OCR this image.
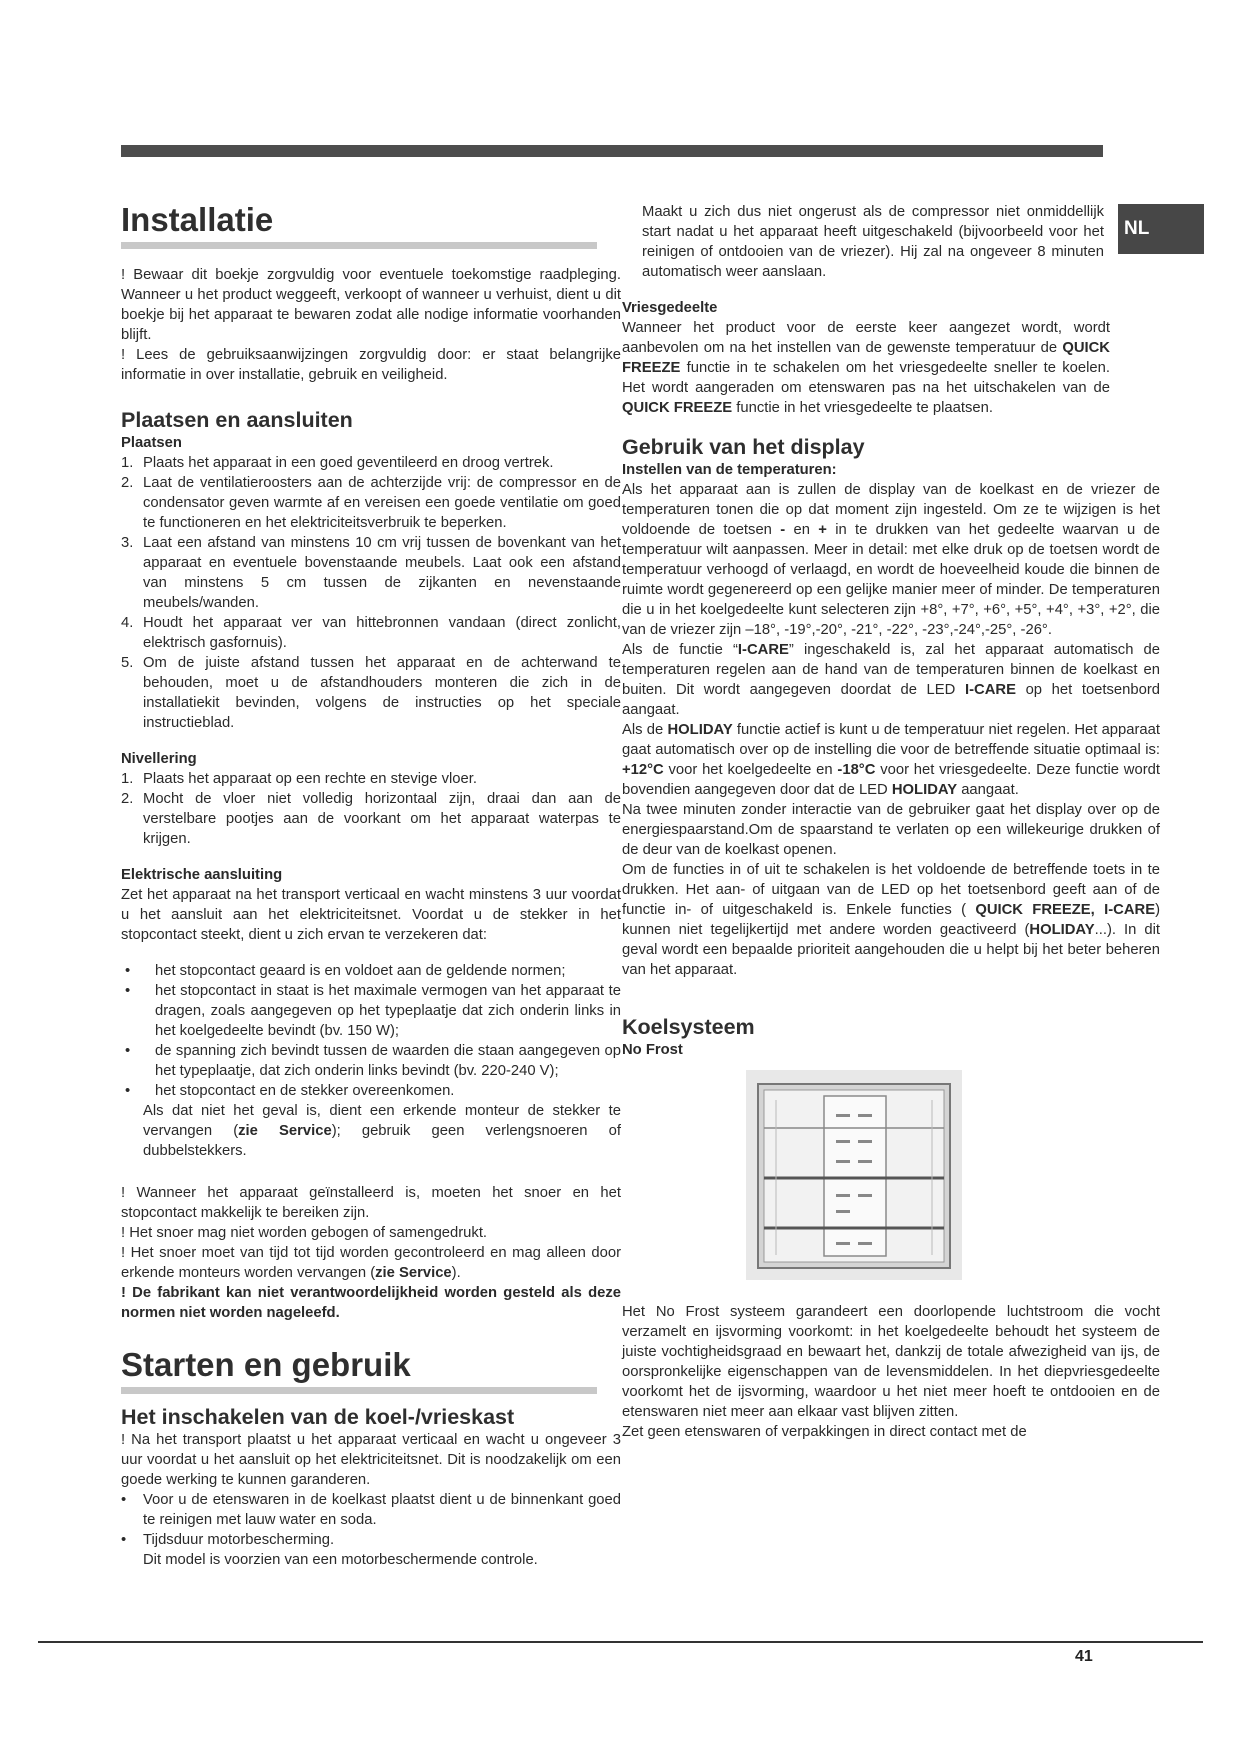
NL
Installatie

! Bewaar dit boekje zorgvuldig voor eventuele toekomstige raadpleging. Wanneer u het product weggeeft, verkoopt of wanneer u verhuist, dient u dit boekje bij het apparaat te bewaren zodat alle nodige informatie voorhanden blijft.

! Lees de gebruiksaanwijzingen zorgvuldig door: er staat belangrijke informatie in over installatie, gebruik en veiligheid.

Plaatsen en aansluiten
Plaatsen
1. Plaats het apparaat in een goed geventileerd en droog vertrek.
2. Laat de ventilatieroosters aan de achterzijde vrij: de compressor en de condensator geven warmte af en vereisen een goede ventilatie om goed te functioneren en het elektriciteitsverbruik te beperken.
3. Laat een afstand van minstens 10 cm vrij tussen de bovenkant van het apparaat en eventuele bovenstaande meubels. Laat ook een afstand van minstens 5 cm tussen de zijkanten en nevenstaande meubels/wanden.
4. Houdt het apparaat ver van hittebronnen vandaan (direct zonlicht, elektrisch gasfornuis).
5. Om de juiste afstand tussen het apparaat en de achterwand te behouden, moet u de afstandhouders monteren die zich in de installatiekit bevinden, volgens de instructies op het speciale instructieblad.
Nivellering
1. Plaats het apparaat op een rechte en stevige vloer.
2. Mocht de vloer niet volledig horizontaal zijn, draai dan aan de verstelbare pootjes aan de voorkant om het apparaat waterpas te krijgen.
Elektrische aansluiting

Zet het apparaat na het transport verticaal en wacht minstens 3 uur voordat u het aansluit aan het elektriciteitsnet. Voordat u de stekker in het stopcontact steekt, dient u zich ervan te verzekeren dat:

•	het stopcontact geaard is en voldoet aan de geldende normen;
•	het stopcontact in staat is het maximale vermogen van het apparaat te dragen, zoals aangegeven op het typeplaatje dat zich onderin links in het koelgedeelte bevindt (bv. 150 W);
•	de spanning zich bevindt tussen de waarden die staan aangegeven op het typeplaatje, dat zich onderin links bevindt (bv. 220-240 V);
•	het stopcontact en de stekker overeenkomen.

Als dat niet het geval is, dient een erkende monteur de stekker te vervangen (zie Service); gebruik geen verlengsnoeren of dubbelstekkers.

! Wanneer het apparaat geïnstalleerd is, moeten het snoer en het stopcontact makkelijk te bereiken zijn.

! Het snoer mag niet worden gebogen of samengedrukt.

! Het snoer moet van tijd tot tijd worden gecontroleerd en mag alleen door erkende monteurs worden vervangen (zie Service).

! De fabrikant kan niet verantwoordelijkheid worden gesteld als deze normen niet worden nageleefd.

Starten en gebruik
Het inschakelen van de koel-/vrieskast

! Na het transport plaatst u het apparaat verticaal en wacht u ongeveer 3 uur voordat u het aansluit op het elektriciteitsnet. Dit is noodzakelijk om een goede werking te kunnen garanderen.

•	Voor u de etenswaren in de koelkast plaatst dient u de binnenkant goed te reinigen met lauw water en soda.
•	Tijdsduur motorbescherming.

Dit model is voorzien van een motorbeschermende controle.

Maakt u zich dus niet ongerust als de compressor niet onmiddellijk start nadat u het apparaat heeft uitgeschakeld (bijvoorbeeld voor het reinigen of ontdooien van de vriezer). Hij zal na ongeveer 8 minuten automatisch weer aanslaan.

Vriesgedeelte

Wanneer het product voor de eerste keer aangezet wordt, wordt aanbevolen om na het instellen van de gewenste temperatuur de QUICK FREEZE functie in te schakelen om het vriesgedeelte sneller te koelen. Het wordt aangeraden om etenswaren pas na het uitschakelen van de QUICK FREEZE functie in het vriesgedeelte te plaatsen.

Gebruik van het display
Instellen van de temperaturen:

Als het apparaat aan is zullen de display van de koelkast en de vriezer de temperaturen tonen die op dat moment zijn ingesteld. Om ze te wijzigen is het voldoende de toetsen - en + in te drukken van het gedeelte waarvan u de temperatuur wilt aanpassen. Meer in detail: met elke druk op de toetsen wordt de temperatuur verhoogd of verlaagd, en wordt de hoeveelheid koude die binnen de ruimte wordt gegenereerd op een gelijke manier meer of minder. De temperaturen die u in het koelgedeelte kunt selecteren zijn +8°, +7°, +6°, +5°, +4°, +3°, +2°, die van de vriezer zijn –18°, -19°,-20°, -21°, -22°, -23°,-24°,-25°, -26°.

Als de functie “I-CARE” ingeschakeld is, zal het apparaat automatisch de temperaturen regelen aan de hand van de temperaturen binnen de koelkast en buiten. Dit wordt aangegeven doordat de LED I-CARE op het toetsenbord aangaat.

Als de HOLIDAY functie actief is kunt u de temperatuur niet regelen. Het apparaat gaat automatisch over op de instelling die voor de betreffende situatie optimaal is: +12°C voor het koelgedeelte en -18°C voor het vriesgedeelte. Deze functie wordt bovendien aangegeven door dat de LED HOLIDAY aangaat.

Na twee minuten zonder interactie van de gebruiker gaat het display over op de energiespaarstand.Om de spaarstand te verlaten op een willekeurige drukken of de deur van de koelkast openen.

Om de functies in of uit te schakelen is het voldoende de betreffende toets in te drukken. Het aan- of uitgaan van de LED op het toetsenbord geeft aan of de functie in- of uitgeschakeld is. Enkele functies ( QUICK FREEZE, I-CARE) kunnen niet tegelijkertijd met andere worden geactiveerd (HOLIDAY...). In dit geval wordt een bepaalde prioriteit aangehouden die u helpt bij het beter beheren van het apparaat.

Koelsysteem
No Frost

Het No Frost systeem garandeert een doorlopende luchtstroom die vocht verzamelt en ijsvorming voorkomt: in het koelgedeelte behoudt het systeem de juiste vochtigheidsgraad en bewaart het, dankzij de totale afwezigheid van ijs, de oorspronkelijke eigenschappen van de levensmiddelen. In het diepvriesgedeelte voorkomt het de ijsvorming, waardoor u het niet meer hoeft te ontdooien en de etenswaren niet meer aan elkaar vast blijven zitten.

Zet geen etenswaren of verpakkingen in direct contact met de

41
